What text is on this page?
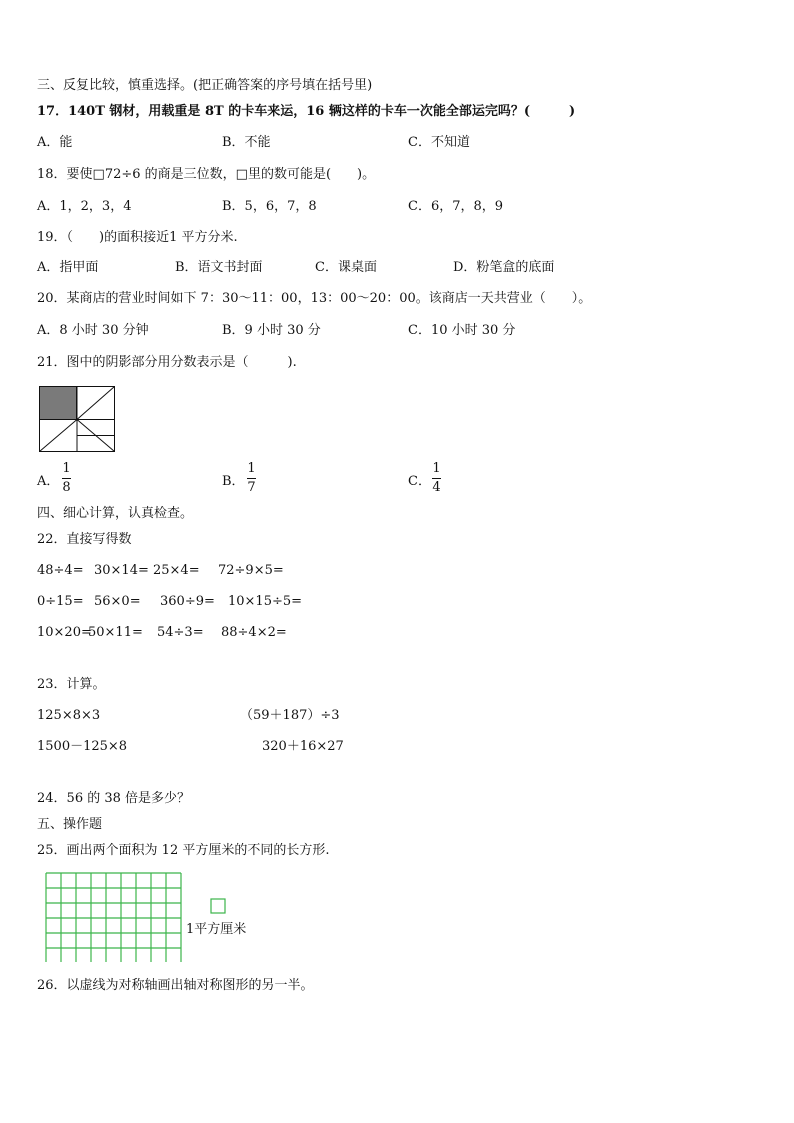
三、反复比较，慎重选择。(把正确答案的序号填在括号里)
17．140T 钢材，用载重是 8T 的卡车来运，16 辆这样的卡车一次能全部运完吗？(　　　)
A．能	B．不能	C．不知道
18．要使□72÷6 的商是三位数，□里的数可能是(　　)。
A．1，2，3，4	B．5，6，7，8	C．6，7，8，9
19．（　　)的面积接近1 平方分米.
A．指甲面	B．语文书封面	C．课桌面	D．粉笔盒的底面
20．某商店的营业时间如下 7：30～11：00，13：00～20：00。该商店一天共营业（　　）。
A．8 小时 30 分钟	B．9 小时 30 分	C．10 小时 30 分
21．图中的阴影部分用分数表示是（　　　).
A．
1
8	B．
1
7	C．
1
4
四、细心计算，认真检查。
22．直接写得数
48÷4= 30×14= 25×4= 72÷9×5=
0÷15= 56×0= 360÷9= 10×15÷5=
10×20=
50×11= 54÷3= 88÷4×2=
23．计算。
125×8×3	（59＋187）÷3
1500－125×8	320＋16×27
24．56 的 38 倍是多少？
五、操作题
25．画出两个面积为 12 平方厘米的不同的长方形.
1平方厘米
26．以虚线为对称轴画出轴对称图形的另一半。
